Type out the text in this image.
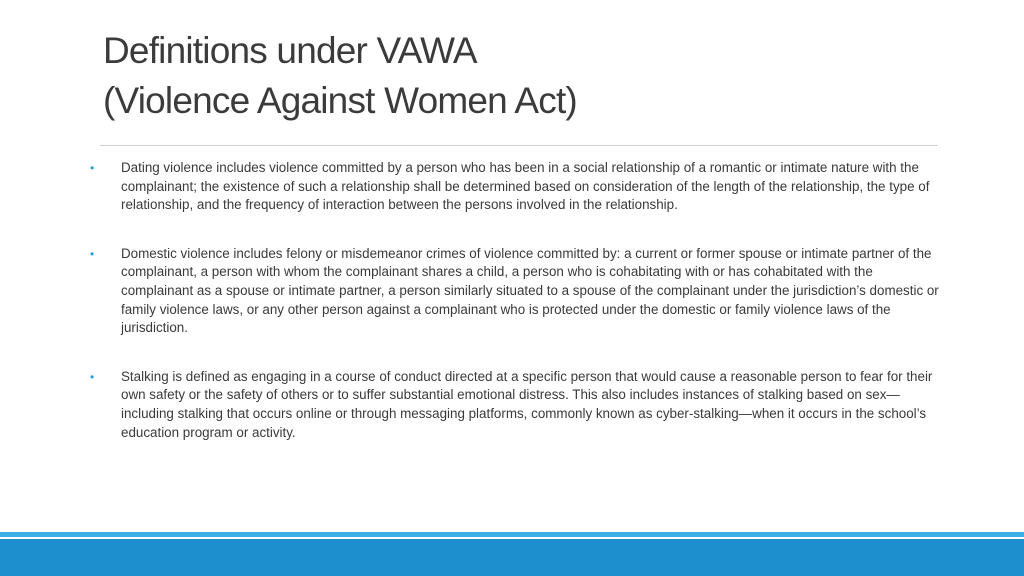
Definitions under VAWA
(Violence Against Women Act)
• Dating violence includes violence committed by a person who has been in a social relationship of a romantic or intimate nature with the complainant; the existence of such a relationship shall be determined based on consideration of the length of the relationship, the type of relationship, and the frequency of interaction between the persons involved in the relationship.
• Domestic violence includes felony or misdemeanor crimes of violence committed by: a current or former spouse or intimate partner of the complainant, a person with whom the complainant shares a child, a person who is cohabitating with or has cohabitated with the complainant as a spouse or intimate partner, a person similarly situated to a spouse of the complainant under the jurisdiction’s domestic or family violence laws, or any other person against a complainant who is protected under the domestic or family violence laws of the jurisdiction.
• Stalking is defined as engaging in a course of conduct directed at a specific person that would cause a reasonable person to fear for their own safety or the safety of others or to suffer substantial emotional distress. This also includes instances of stalking based on sex—including stalking that occurs online or through messaging platforms, commonly known as cyber-stalking—when it occurs in the school’s education program or activity.
